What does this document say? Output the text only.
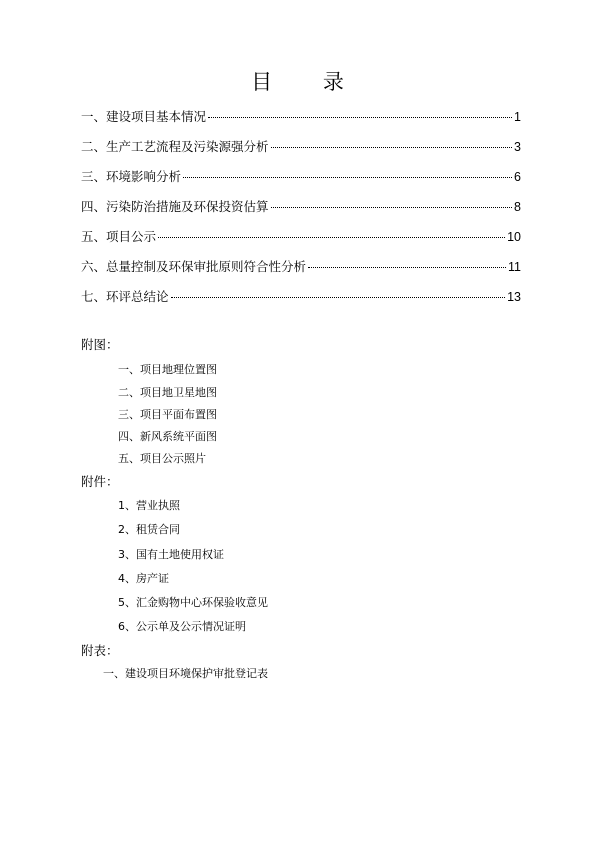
目 录
一、建设项目基本情况	1
二、生产工艺流程及污染源强分析	3
三、环境影响分析	6
四、污染防治措施及环保投资估算	8
五、项目公示	10
六、总量控制及环保审批原则符合性分析	11
七、环评总结论	13
附图：
一、项目地理位置图
二、项目地卫星地图
三、项目平面布置图
四、新风系统平面图
五、项目公示照片
附件：
1、营业执照
2、租赁合同
3、国有土地使用权证
4、房产证
5、汇金购物中心环保验收意见
6、公示单及公示情况证明
附表：
一、建设项目环境保护审批登记表
